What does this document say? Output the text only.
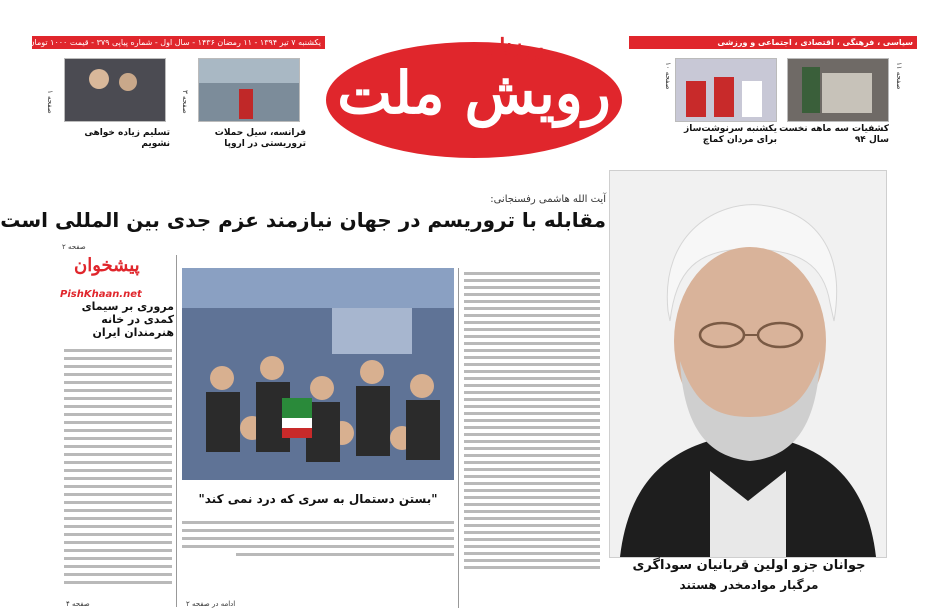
سیاسی ، فرهنگی ، اقتصادی ، اجتماعی و ورزشی
یکشنبه ۷ تیر ۱۳۹۴ - ۱۱ رمضان ۱۴۳۶ - سال اول - شماره پیاپی ۳۷۹ - قیمت ۱۰۰۰ تومان
رویش ملت
روزنامه
صفحه ۱۱
کشفیات سه ماهه نخست سال ۹۴
صفحه ۱۰
یکشنبه سرنوشت‌ساز برای مردان کماچ
صفحه ۳
فرانسه، سیل حملات تروریستی در اروپا
صفحه ۱
تسلیم زیاده خواهی نشویم
آیت الله هاشمی رفسنجانی:
مقابله با تروریسم در جهان نیازمند عزم جدی بین المللی است
صفحه ۲
جوانان جزو اولین قربانیان سوداگری
مرگبار موادمخدر هستند
"بستن دستمال به سری که درد نمی کند"
ادامه در صفحه ۲
پیشخوان
PishKhaan.net
مروری بر سیمای کمدی در خانه هنرمندان ایران
صفحه ۴
